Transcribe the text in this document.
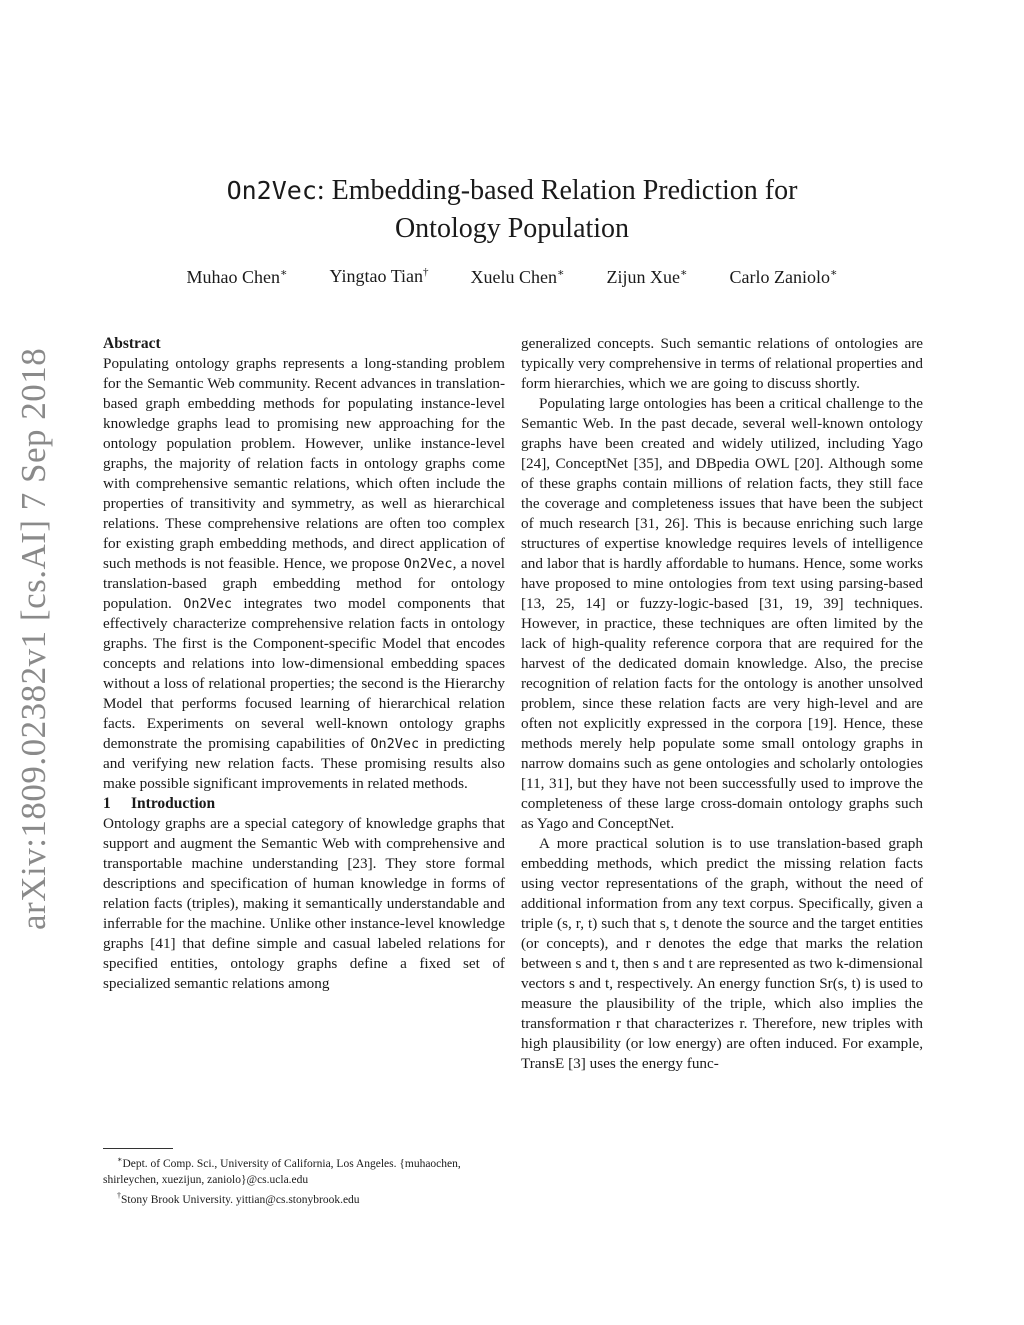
arXiv:1809.02382v1 [cs.AI] 7 Sep 2018
On2Vec: Embedding-based Relation Prediction for
Ontology Population
Muhao Chen∗ Yingtao Tian† Xuelu Chen∗ Zijun Xue∗ Carlo Zaniolo∗

Abstract

Populating ontology graphs represents a long-standing problem for the Semantic Web community. Recent advances in translation-based graph embedding methods for populating instance-level knowledge graphs lead to promising new approaching for the ontology population problem. However, unlike instance-level graphs, the majority of relation facts in ontology graphs come with comprehensive semantic relations, which often include the properties of transitivity and symmetry, as well as hierarchical relations. These comprehensive relations are often too complex for existing graph embedding methods, and direct application of such methods is not feasible. Hence, we propose On2Vec, a novel translation-based graph embedding method for ontology population. On2Vec integrates two model components that effectively characterize comprehensive relation facts in ontology graphs. The first is the Component-specific Model that encodes concepts and relations into low-dimensional embedding spaces without a loss of relational properties; the second is the Hierarchy Model that performs focused learning of hierarchical relation facts. Experiments on several well-known ontology graphs demonstrate the promising capabilities of On2Vec in predicting and verifying new relation facts. These promising results also make possible significant improvements in related methods.

1 Introduction

Ontology graphs are a special category of knowledge graphs that support and augment the Semantic Web with comprehensive and transportable machine understanding [23]. They store formal descriptions and specification of human knowledge in forms of relation facts (triples), making it semantically understandable and inferrable for the machine. Unlike other instance-level knowledge graphs [41] that define simple and casual labeled relations for specified entities, ontology graphs define a fixed set of specialized semantic relations among

generalized concepts. Such semantic relations of ontologies are typically very comprehensive in terms of relational properties and form hierarchies, which we are going to discuss shortly.

Populating large ontologies has been a critical challenge to the Semantic Web. In the past decade, several well-known ontology graphs have been created and widely utilized, including Yago [24], ConceptNet [35], and DBpedia OWL [20]. Although some of these graphs contain millions of relation facts, they still face the coverage and completeness issues that have been the subject of much research [31, 26]. This is because enriching such large structures of expertise knowledge requires levels of intelligence and labor that is hardly affordable to humans. Hence, some works have proposed to mine ontologies from text using parsing-based [13, 25, 14] or fuzzy-logic-based [31, 19, 39] techniques. However, in practice, these techniques are often limited by the lack of high-quality reference corpora that are required for the harvest of the dedicated domain knowledge. Also, the precise recognition of relation facts for the ontology is another unsolved problem, since these relation facts are very high-level and are often not explicitly expressed in the corpora [19]. Hence, these methods merely help populate some small ontology graphs in narrow domains such as gene ontologies and scholarly ontologies [11, 31], but they have not been successfully used to improve the completeness of these large cross-domain ontology graphs such as Yago and ConceptNet.

A more practical solution is to use translation-based graph embedding methods, which predict the missing relation facts using vector representations of the graph, without the need of additional information from any text corpus. Specifically, given a triple (s, r, t) such that s, t denote the source and the target entities (or concepts), and r denotes the edge that marks the relation between s and t, then s and t are represented as two k-dimensional vectors s and t, respectively. An energy function Sr(s, t) is used to measure the plausibility of the triple, which also implies the transformation r that characterizes r. Therefore, new triples with high plausibility (or low energy) are often induced. For example, TransE [3] uses the energy func-

∗Dept. of Comp. Sci., University of California, Los Angeles. {muhaochen, shirleychen, xuezijun, zaniolo}@cs.ucla.edu

†Stony Brook University. yittian@cs.stonybrook.edu
